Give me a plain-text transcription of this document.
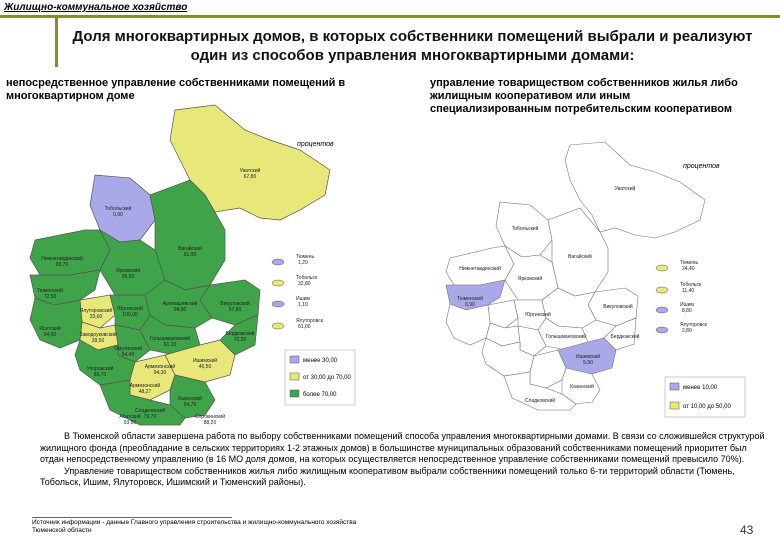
Жилищно-коммунальное хозяйство
Доля многоквартирных домов, в которых собственники помещений выбрали и реализуют один из способов управления многоквартирными домами:
непосредственное управление собственниками помещений в многоквартирном доме
управление товариществом собственников жилья либо жилищным кооперативом или иным специализированным потребительским кооперативом
процентов
процентов
Уватский
67,80
Тобольский
0,90
Вагайский
91,90
Нижнетавдинский
93,70
Ярковский
95,50
Тюменский
72,50
Ялуторовский
33,60
Юргинский
100,00
Викуловский
57,80
Заводоуковский
39,50
Армизонский
94,30
Исетский
94,00
Аромашевский
94,90
Голышмановский
61,10
Ишимский
46,50
Омутинский
54,40
Упоровский
89,70
Бердюжский
72,30
Казанский
54,70
Сладковский
79,70
Абатский
93,60
Сорокинский
88,20
Армизонский
48,27
Тюмень
1,20
Тобольск
32,80
Ишим
1,10
Ялуторовск
61,00
менее 30,00
от 30,00 до 70,00
более 70,00
Уватский
Тобольский
Вагайский
Нижнетавдинский
Ярковский
Тюменский
6,90
Юргинский
Викуловский
Голышмановский
Ишимский
5,90
Бердюжский
Казанский
Сладковский
Тюмень
24,40
Тобольск
11,40
Ишим
8,80
Ялуторовск
2,80
менее 10,00
от 10,00 до 50,00

В Тюменской области завершена работа по выбору собственниками помещений способа управления многоквартирными домами. В связи со сложившейся структурой жилищного фонда (преобладание в сельских территориях 1-2 этажных домов) в большинстве муниципальных образований собственниками помещений приоритет был отдан непосредственному управлению (в 16 МО доля домов, на которых осуществляется непосредственное управление собственниками помещений превысило 70%).

Управление товариществом собственников жилья либо жилищным кооперативом выбрали собственники помещений только 6-ти территорий области (Тюмень, Тобольск, Ишим, Ялуторовск, Ишимский и Тюменский районы).

Источник информации - данные Главного управления строительства и жилищно-коммунального хозяйства Тюменской области	43
